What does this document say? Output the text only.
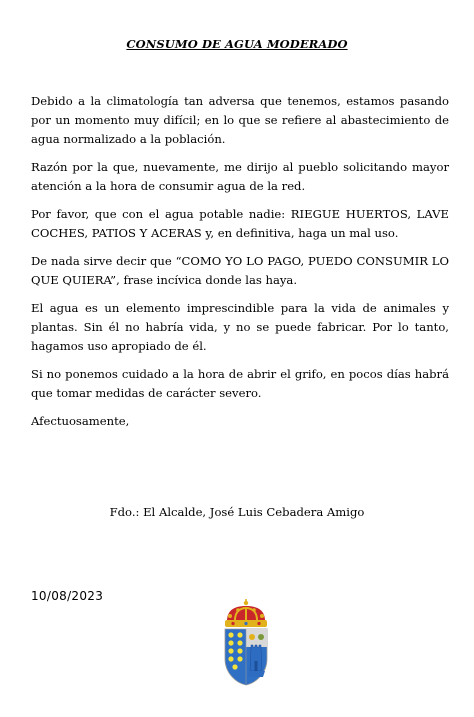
CONSUMO DE AGUA MODERADO

Debido a la climatología tan adversa que tenemos, estamos pasando por un momento muy difícil; en lo que se refiere al abastecimiento de agua normalizado a la población.

Razón por la que, nuevamente, me dirijo al pueblo solicitando mayor atención a la hora de consumir agua de la red.

Por favor, que con el agua potable nadie: RIEGUE HUERTOS, LAVE COCHES, PATIOS Y ACERAS y, en definitiva, haga un mal uso.

De nada sirve decir que “COMO YO LO PAGO, PUEDO CONSUMIR LO QUE QUIERA”, frase incívica donde las haya.

El agua es un elemento imprescindible para la vida de animales y plantas. Sin él no habría vida, y no se puede fabricar. Por lo tanto, hagamos uso apropiado de él.

Si no ponemos cuidado a la hora de abrir el grifo, en pocos días habrá que tomar medidas de carácter severo.

Afectuosamente,

Fdo.: El Alcalde, José Luis Cebadera Amigo
10/08/2023
